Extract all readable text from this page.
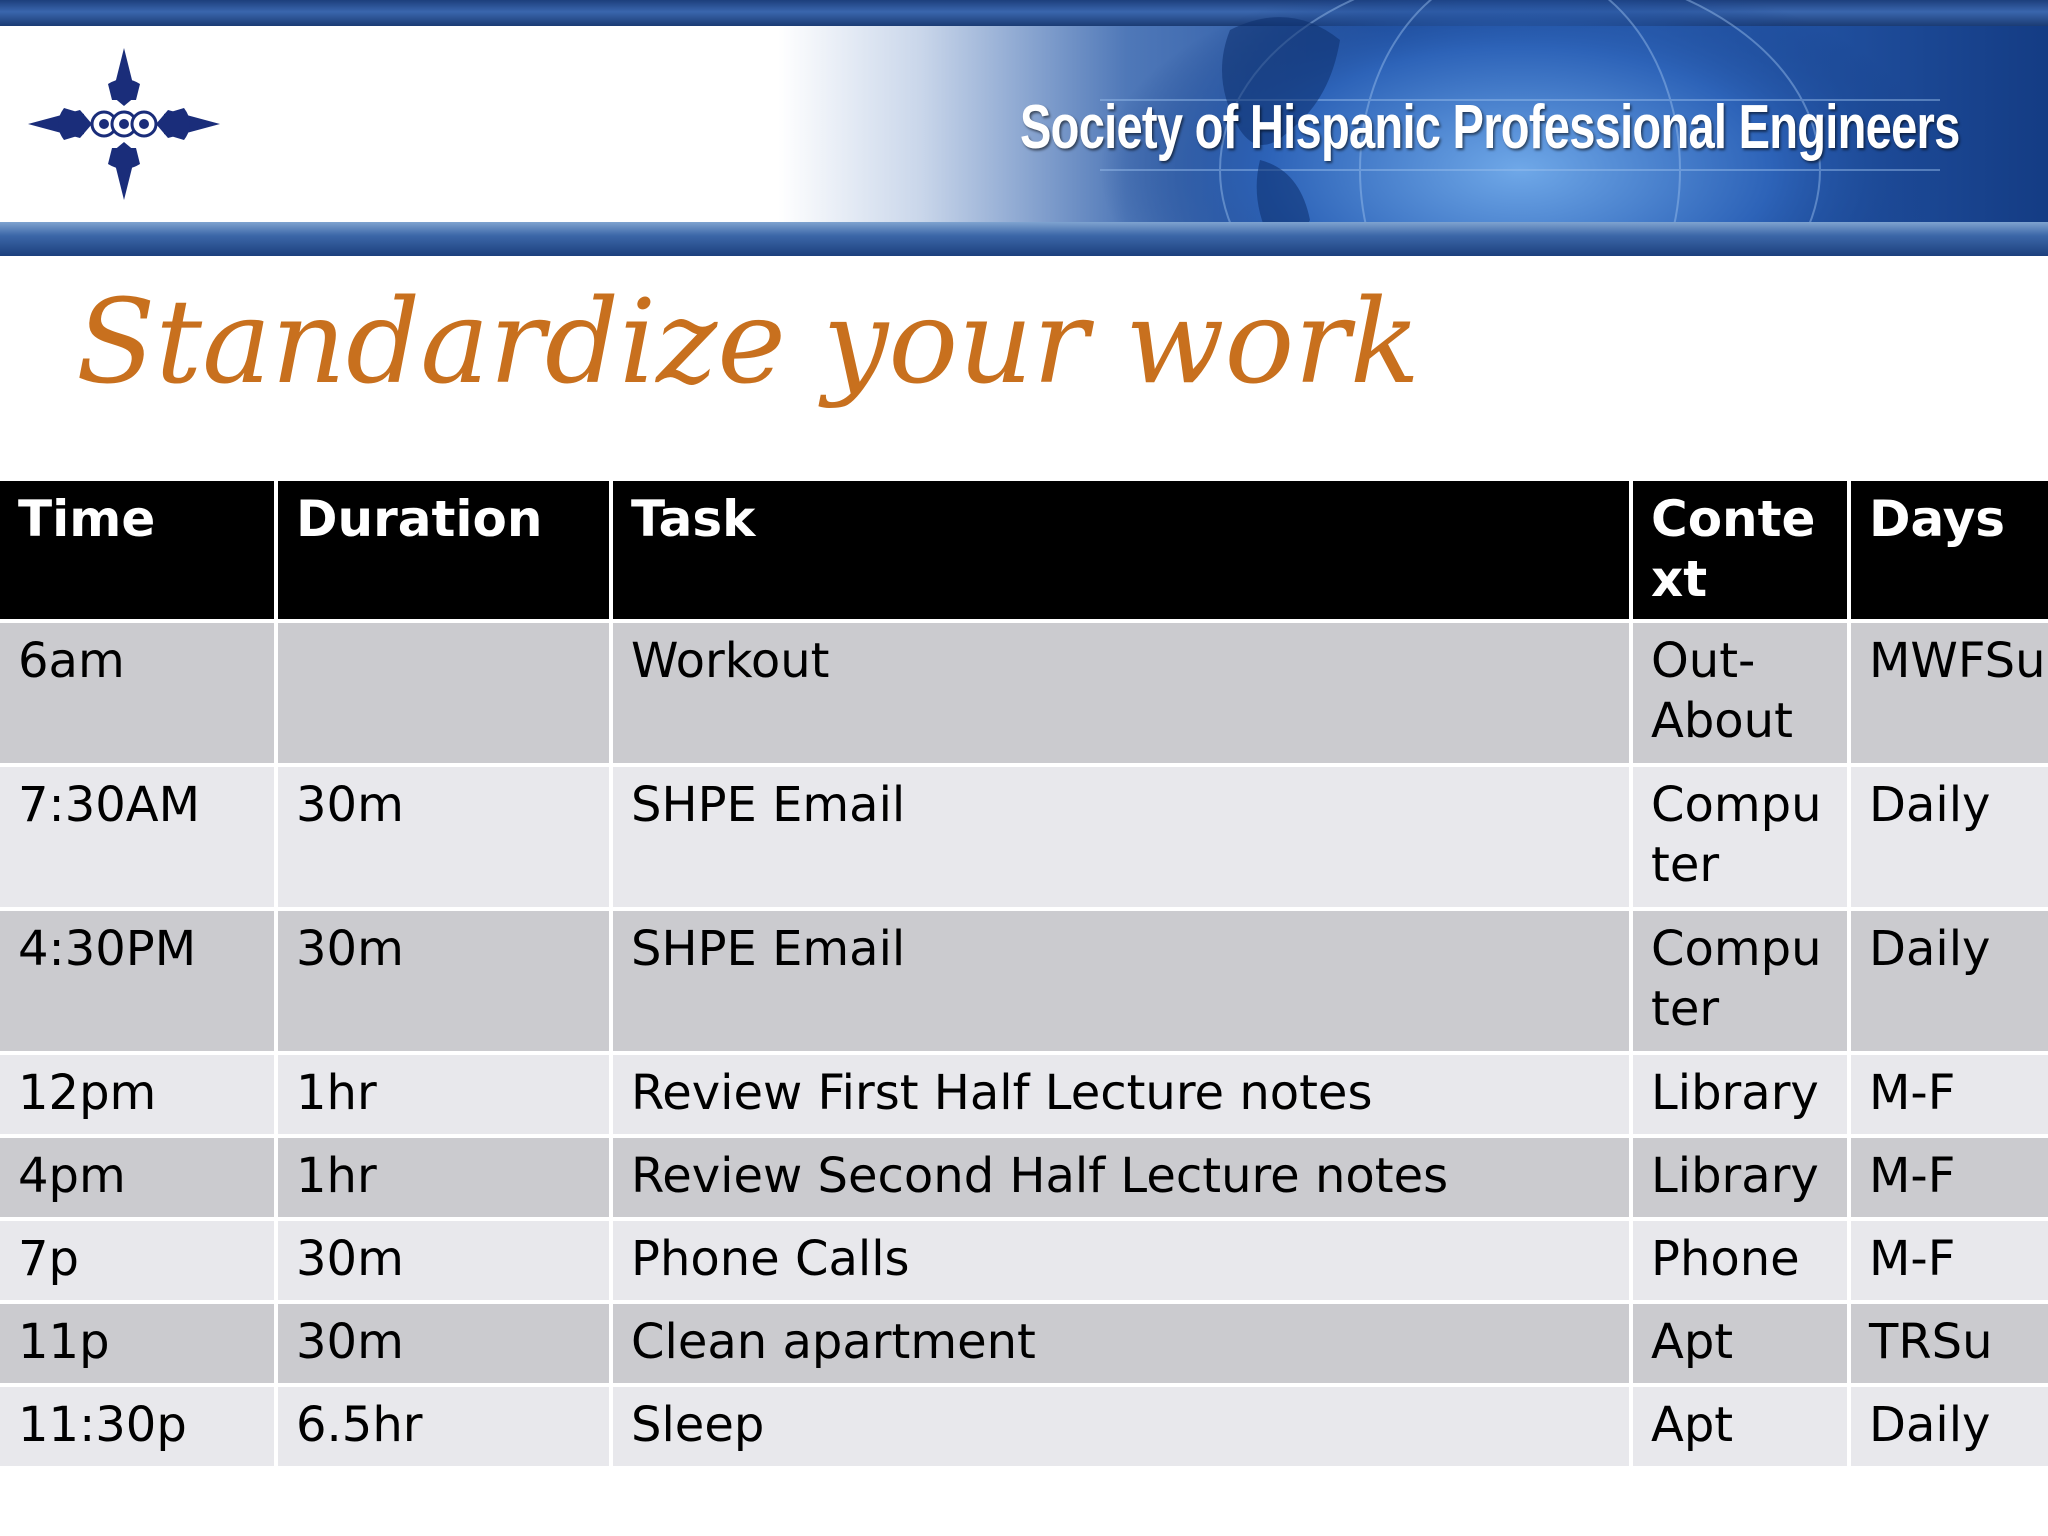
Society of Hispanic Professional Engineers
Standardize your work
Time	Duration	Task	Conte xt	Days
6am		Workout	Out- About	MWFSu
7:30AM	30m	SHPE Email	Computer	Daily
4:30PM	30m	SHPE Email	Computer	Daily
12pm	1hr	Review First Half Lecture notes	Library	M-F
4pm	1hr	Review Second Half Lecture notes	Library	M-F
7p	30m	Phone Calls	Phone	M-F
11p	30m	Clean apartment	Apt	TRSu
11:30p	6.5hr	Sleep	Apt	Daily
